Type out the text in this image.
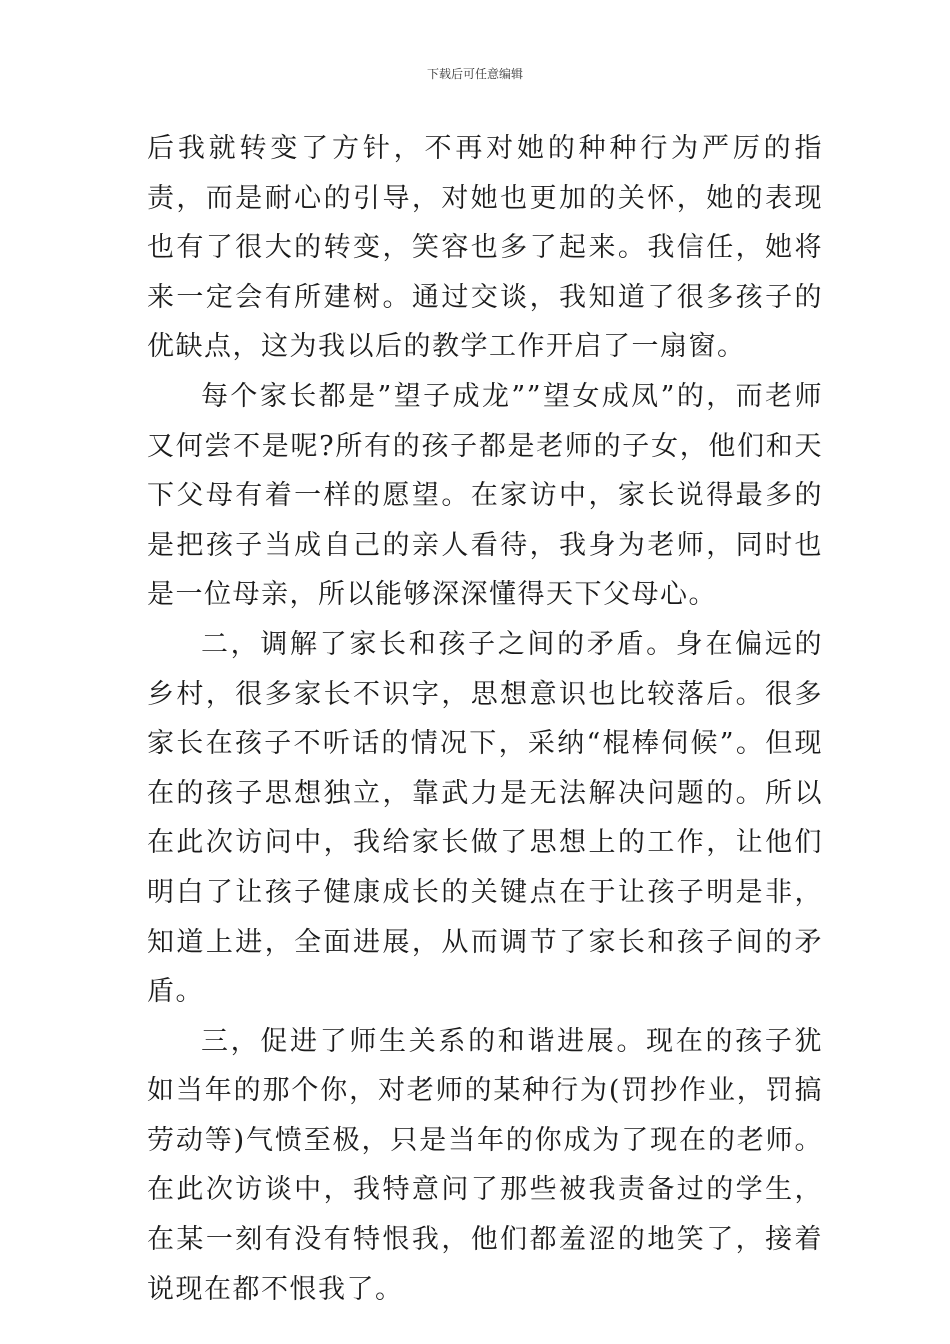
下载后可任意编辑

后我就转变了方针，不再对她的种种行为严厉的指责，而是耐心的引导，对她也更加的关怀，她的表现也有了很大的转变，笑容也多了起来。我信任，她将来一定会有所建树。通过交谈，我知道了很多孩子的优缺点，这为我以后的教学工作开启了一扇窗。

每个家长都是”望子成龙””望女成凤”的，而老师又何尝不是呢?所有的孩子都是老师的子女，他们和天下父母有着一样的愿望。在家访中，家长说得最多的是把孩子当成自己的亲人看待，我身为老师，同时也是一位母亲，所以能够深深懂得天下父母心。

二，调解了家长和孩子之间的矛盾。身在偏远的乡村，很多家长不识字，思想意识也比较落后。很多家长在孩子不听话的情况下，采纳“棍棒伺候”。但现在的孩子思想独立，靠武力是无法解决问题的。所以在此次访问中，我给家长做了思想上的工作，让他们明白了让孩子健康成长的关键点在于让孩子明是非，知道上进，全面进展，从而调节了家长和孩子间的矛盾。

三，促进了师生关系的和谐进展。现在的孩子犹如当年的那个你，对老师的某种行为(罚抄作业，罚搞劳动等)气愤至极，只是当年的你成为了现在的老师。在此次访谈中，我特意问了那些被我责备过的学生，在某一刻有没有特恨我，他们都羞涩的地笑了，接着说现在都不恨我了。
